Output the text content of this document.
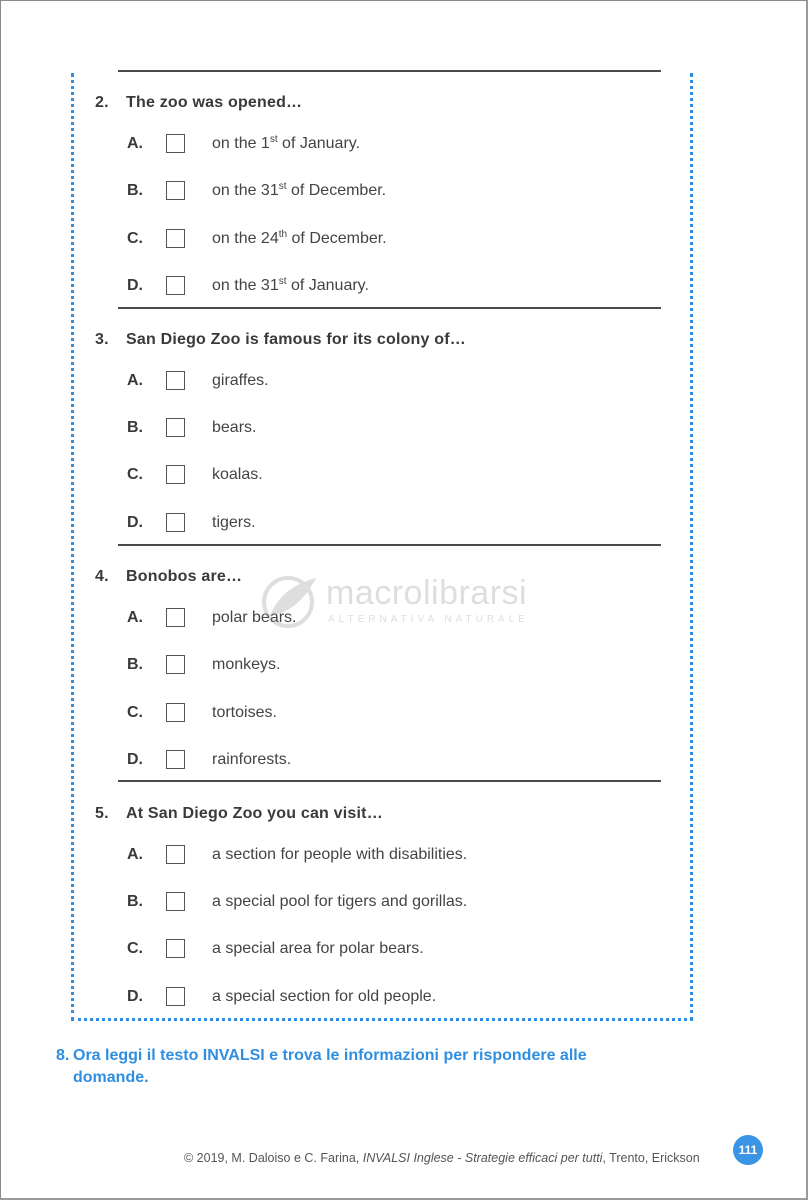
2. The zoo was opened…
A.	on the 1st of January.
B.	on the 31st of December.
C.	on the 24th of December.
D.	on the 31st of January.
3. San Diego Zoo is famous for its colony of…
A.	giraffes.
B.	bears.
C.	koalas.
D.	tigers.
4. Bonobos are…
A.	polar bears.
B.	monkeys.
C.	tortoises.
D.	rainforests.
5. At San Diego Zoo you can visit…
A.	a section for people with disabilities.
B.	a special pool for tigers and gorillas.
C.	a special area for polar bears.
D.	a special section for old people.
macrolibrarsi
ALTERNATIVA NATURALE
8. Ora leggi il testo INVALSI e trova le informazioni per rispondere alle
domande.
© 2019, M. Daloiso e C. Farina, INVALSI Inglese - Strategie efficaci per tutti, Trento, Erickson
111
